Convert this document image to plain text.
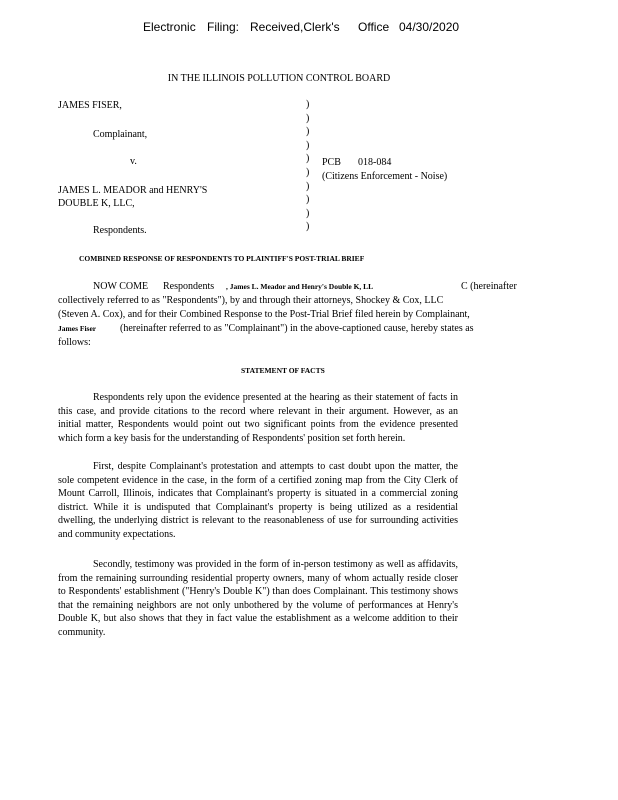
Electronic Filing: Received,Clerk's Office 04/30/2020
IN THE ILLINOIS POLLUTION CONTROL BOARD
JAMES FISER,
Complainant,
v.
JAMES L. MEADOR and HENRY'S
DOUBLE K, LLC,
Respondents.
)
)
)
)
)
)
)
)
)
)
PCB 018-084
(Citizens Enforcement - Noise)
COMBINED RESPONSE OF RESPONDENTS TO PLAINTIFF'S POST-TRIAL BRIEF
NOW COME Respondents , James L. Meador and Henry's Double K, LL	C (hereinafter
collectively referred to as "Respondents"), by and through their attorneys, Shockey & Cox, LLC
(Steven A. Cox), and for their Combined Response to the Post-Trial Brief filed herein by Complainant,
James Fiser (hereinafter referred to as "Complainant") in the above-captioned cause, hereby states as
follows:
STATEMENT OF FACTS
Respondents rely upon the evidence presented at the hearing as their statement of facts in this case, and provide citations to the record where relevant in their argument. However, as an initial matter, Respondents would point out two significant points from the evidence presented which form a key basis for the understanding of Respondents' position set forth herein.
First, despite Complainant's protestation and attempts to cast doubt upon the matter, the sole competent evidence in the case, in the form of a certified zoning map from the City Clerk of Mount Carroll, Illinois, indicates that Complainant's property is situated in a commercial zoning district. While it is undisputed that Complainant's property is being utilized as a residential dwelling, the underlying district is relevant to the reasonableness of use for surrounding activities and community expectations.
Secondly, testimony was provided in the form of in-person testimony as well as affidavits, from the remaining surrounding residential property owners, many of whom actually reside closer to Respondents' establishment ("Henry's Double K") than does Complainant. This testimony shows that the remaining neighbors are not only unbothered by the volume of performances at Henry's Double K, but also shows that they in fact value the establishment as a welcome addition to their community.
